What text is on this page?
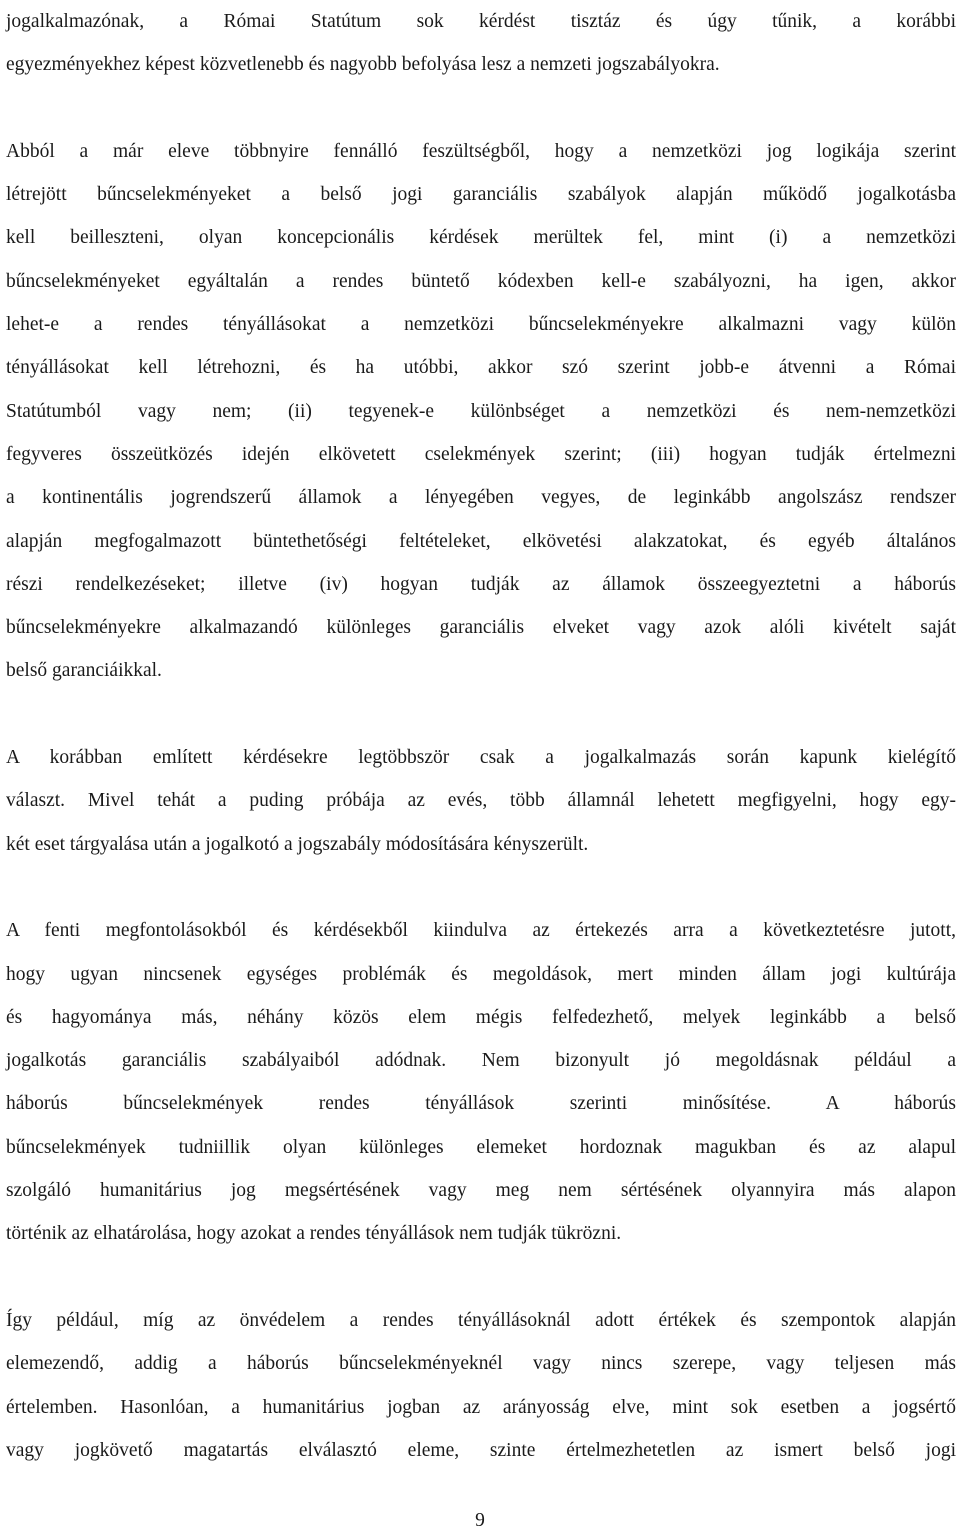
jogalkalmazónak, a Római Statútum sok kérdést tisztáz és úgy tűnik, a korábbi
egyezményekhez képest közvetlenebb és nagyobb befolyása lesz a nemzeti jogszabályokra.
Abból a már eleve többnyire fennálló feszültségből, hogy a nemzetközi jog logikája szerint
létrejött bűncselekményeket a belső jogi garanciális szabályok alapján működő jogalkotásba
kell beilleszteni, olyan koncepcionális kérdések merültek fel, mint (i) a nemzetközi
bűncselekményeket egyáltalán a rendes büntető kódexben kell-e szabályozni, ha igen, akkor
lehet-e a rendes tényállásokat a nemzetközi bűncselekményekre alkalmazni vagy külön
tényállásokat kell létrehozni, és ha utóbbi, akkor szó szerint jobb-e átvenni a Római
Statútumból vagy nem; (ii) tegyenek-e különbséget a nemzetközi és nem-nemzetközi
fegyveres összeütközés idején elkövetett cselekmények szerint; (iii) hogyan tudják értelmezni
a kontinentális jogrendszerű államok a lényegében vegyes, de leginkább angolszász rendszer
alapján megfogalmazott büntethetőségi feltételeket, elkövetési alakzatokat, és egyéb általános
részi rendelkezéseket; illetve (iv) hogyan tudják az államok összeegyeztetni a háborús
bűncselekményekre alkalmazandó különleges garanciális elveket vagy azok alóli kivételt saját
belső garanciáikkal.
A korábban említett kérdésekre legtöbbször csak a jogalkalmazás során kapunk kielégítő
választ. Mivel tehát a puding próbája az evés, több államnál lehetett megfigyelni, hogy egy-
két eset tárgyalása után a jogalkotó a jogszabály módosítására kényszerült.
A fenti megfontolásokból és kérdésekből kiindulva az értekezés arra a következtetésre jutott,
hogy ugyan nincsenek egységes problémák és megoldások, mert minden állam jogi kultúrája
és hagyománya más, néhány közös elem mégis felfedezhető, melyek leginkább a belső
jogalkotás garanciális szabályaiból adódnak. Nem bizonyult jó megoldásnak például a
háborús bűncselekmények rendes tényállások szerinti minősítése. A háborús
bűncselekmények tudniillik olyan különleges elemeket hordoznak magukban és az alapul
szolgáló humanitárius jog megsértésének vagy meg nem sértésének olyannyira más alapon
történik az elhatárolása, hogy azokat a rendes tényállások nem tudják tükrözni.
Így például, míg az önvédelem a rendes tényállásoknál adott értékek és szempontok alapján
elemezendő, addig a háborús bűncselekményeknél vagy nincs szerepe, vagy teljesen más
értelemben. Hasonlóan, a humanitárius jogban az arányosság elve, mint sok esetben a jogsértő
vagy jogkövető magatartás elválasztó eleme, szinte értelmezhetetlen az ismert belső jogi
9
